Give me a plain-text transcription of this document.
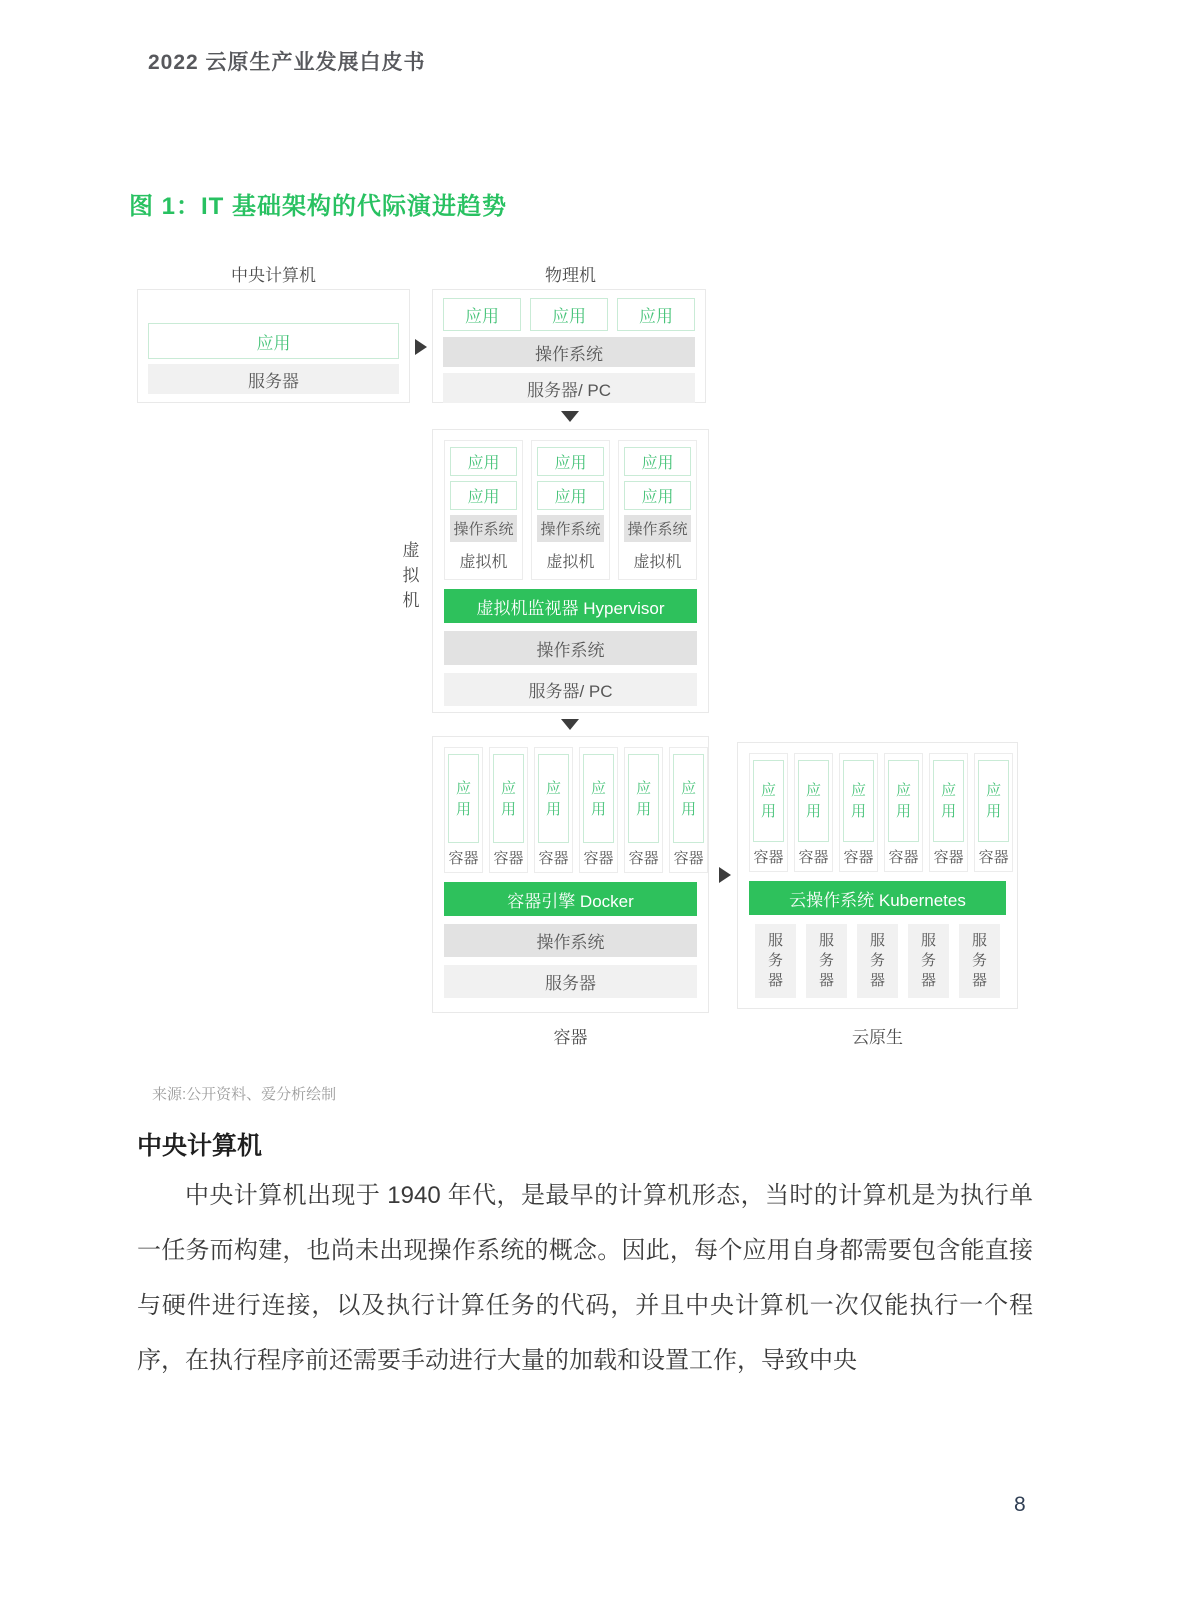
2022 云原生产业发展白皮书
图 1：IT 基础架构的代际演进趋势
中央计算机	物理机
应用
服务器
应用	应用	应用
操作系统
服务器/ PC
虚拟机
应用
应用
操作系统
虚拟机
应用
应用
操作系统
虚拟机
应用
应用
操作系统
虚拟机
虚拟机监视器 Hypervisor
操作系统
服务器/ PC
应用
容器
应用
容器
应用
容器
应用
容器
应用
容器
应用
容器
容器引擎 Docker
操作系统
服务器
应用
容器
应用
容器
应用
容器
应用
容器
应用
容器
应用
容器
云操作系统 Kubernetes
服务器
服务器
服务器
服务器
服务器
容器	云原生
来源:公开资料、爱分析绘制
中央计算机
中央计算机出现于 1940 年代，是最早的计算机形态，当时的计算机是为执行单一任务而构建，也尚未出现操作系统的概念。因此，每个应用自身都需要包含能直接与硬件进行连接，以及执行计算任务的代码，并且中央计算机一次仅能执行一个程序，在执行程序前还需要手动进行大量的加载和设置工作，导致中央
8
